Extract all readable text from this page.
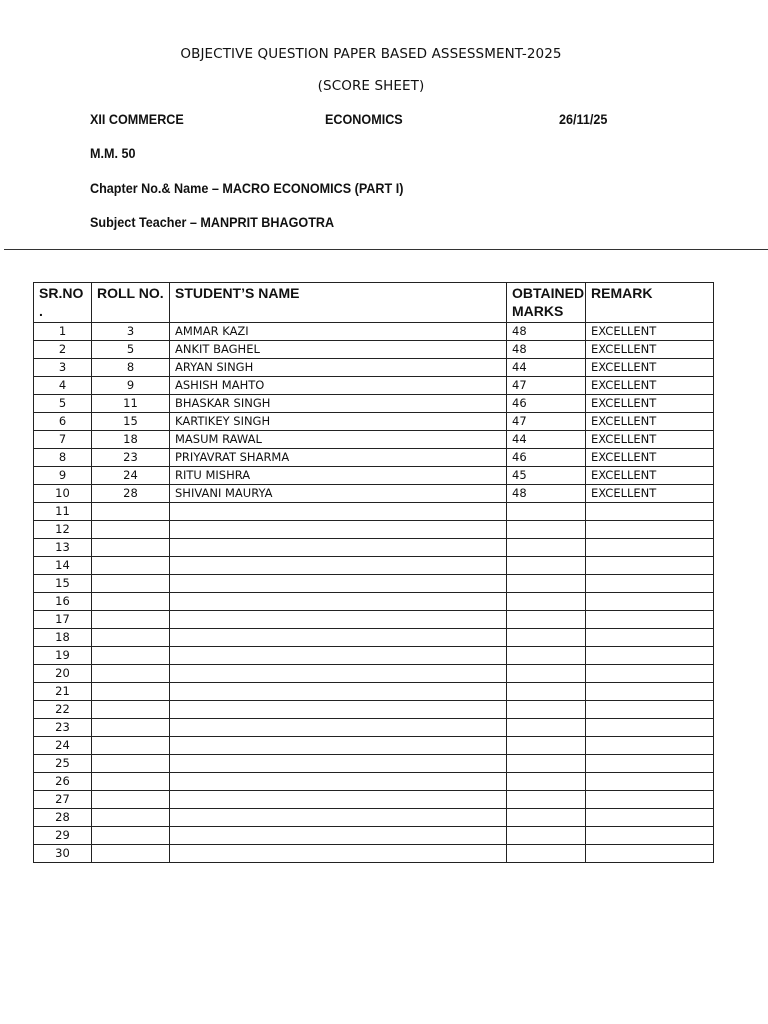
OBJECTIVE QUESTION PAPER BASED ASSESSMENT-2025
(SCORE SHEET)
XII COMMERCE	ECONOMICS	26/11/25
M.M. 50
Chapter No.& Name – MACRO ECONOMICS (PART I)
Subject Teacher – MANPRIT BHAGOTRA
SR.NO .	ROLL NO.	STUDENT’S NAME	OBTAINED MARKS	REMARK
1	3	AMMAR KAZI	48	EXCELLENT
2	5	ANKIT BAGHEL	48	EXCELLENT
3	8	ARYAN SINGH	44	EXCELLENT
4	9	ASHISH MAHTO	47	EXCELLENT
5	11	BHASKAR SINGH	46	EXCELLENT
6	15	KARTIKEY SINGH	47	EXCELLENT
7	18	MASUM RAWAL	44	EXCELLENT
8	23	PRIYAVRAT SHARMA	46	EXCELLENT
9	24	RITU MISHRA	45	EXCELLENT
10	28	SHIVANI MAURYA	48	EXCELLENT
11				
12				
13				
14				
15				
16				
17				
18				
19				
20				
21				
22				
23				
24				
25				
26				
27				
28				
29				
30				
